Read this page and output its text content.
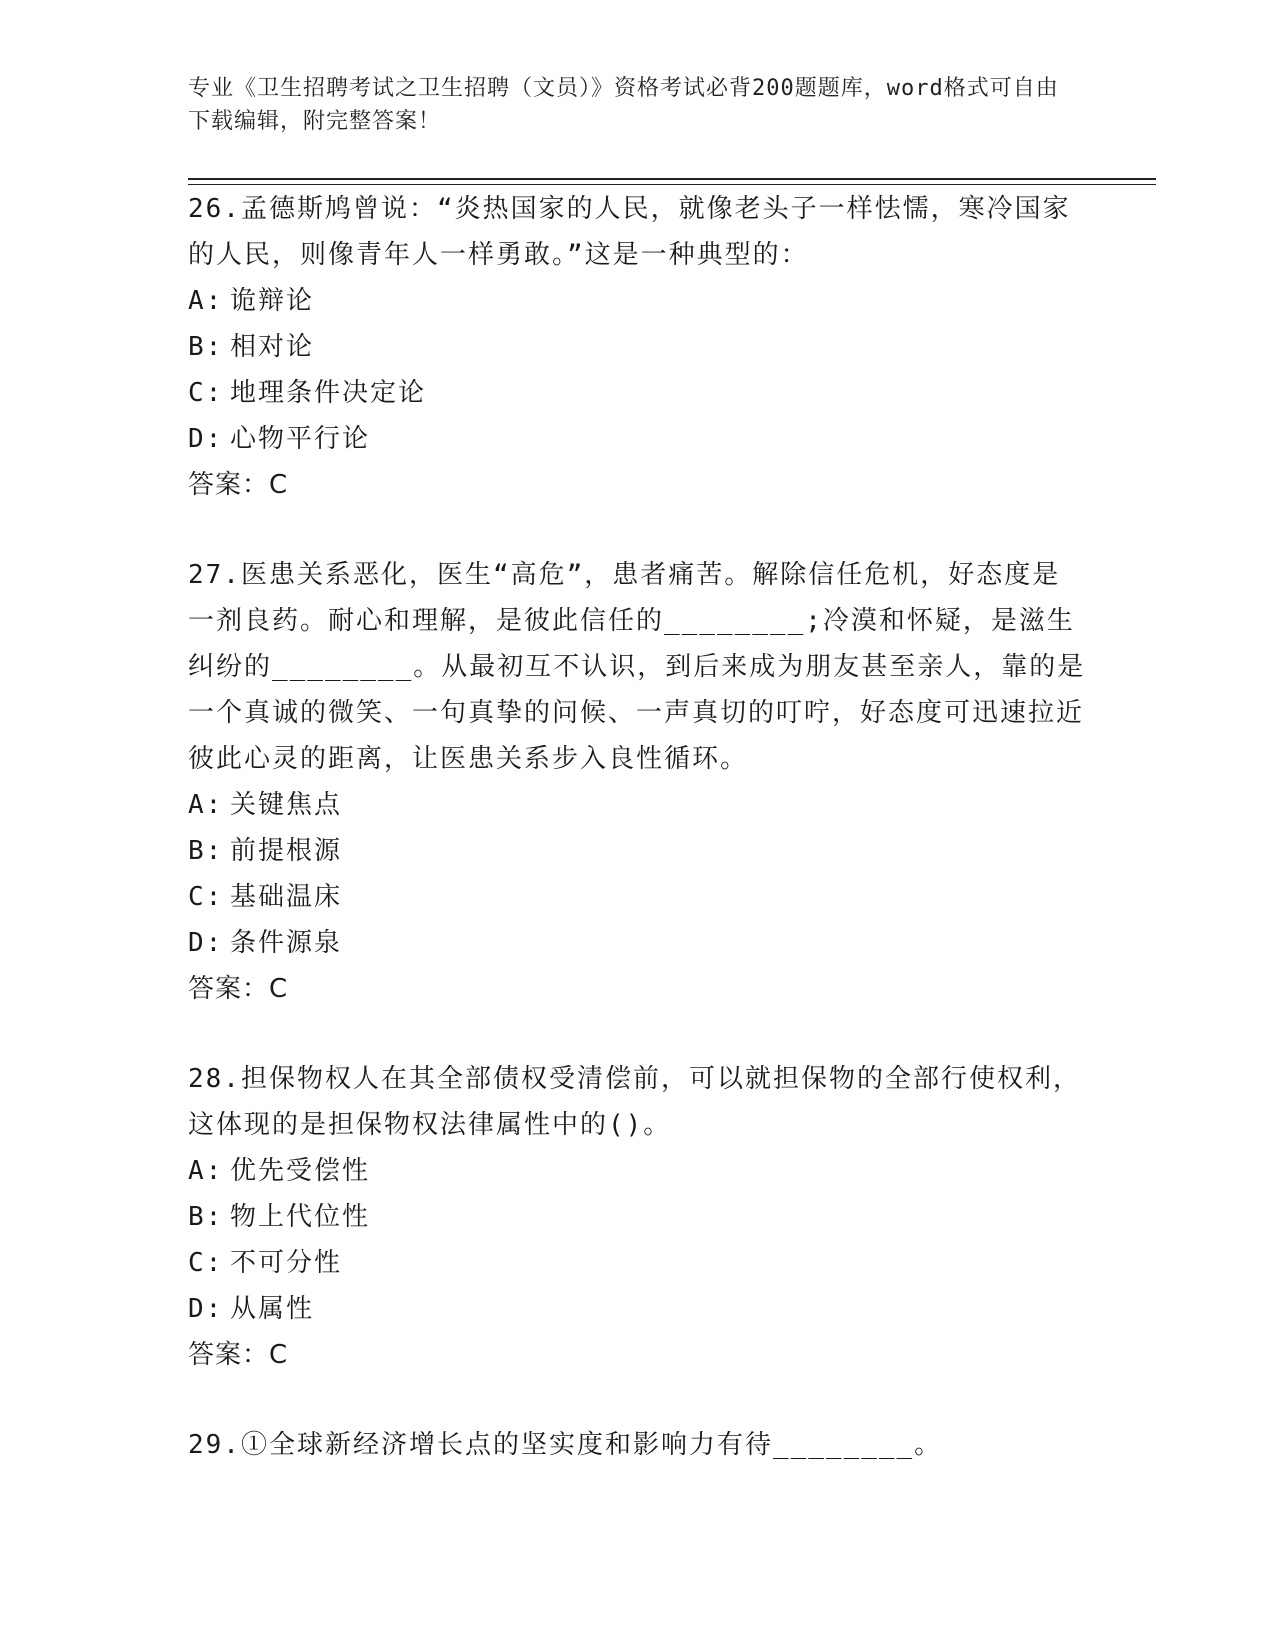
专业《卫生招聘考试之卫生招聘（文员）》资格考试必背200题题库，word格式可自由下载编辑，附完整答案！

26.孟德斯鸠曾说：“炎热国家的人民，就像老头子一样怯懦，寒冷国家的人民，则像青年人一样勇敢。”这是一种典型的：

A: 诡辩论

B: 相对论

C: 地理条件决定论

D: 心物平行论

答案：C

27.医患关系恶化，医生“高危”，患者痛苦。解除信任危机，好态度是一剂良药。耐心和理解，是彼此信任的________;冷漠和怀疑，是滋生纠纷的________。从最初互不认识，到后来成为朋友甚至亲人，靠的是一个真诚的微笑、一句真挚的问候、一声真切的叮咛，好态度可迅速拉近彼此心灵的距离，让医患关系步入良性循环。

A: 关键焦点

B: 前提根源

C: 基础温床

D: 条件源泉

答案：C

28.担保物权人在其全部债权受清偿前，可以就担保物的全部行使权利，这体现的是担保物权法律属性中的()。

A: 优先受偿性

B: 物上代位性

C: 不可分性

D: 从属性

答案：C

29.①全球新经济增长点的坚实度和影响力有待________。
